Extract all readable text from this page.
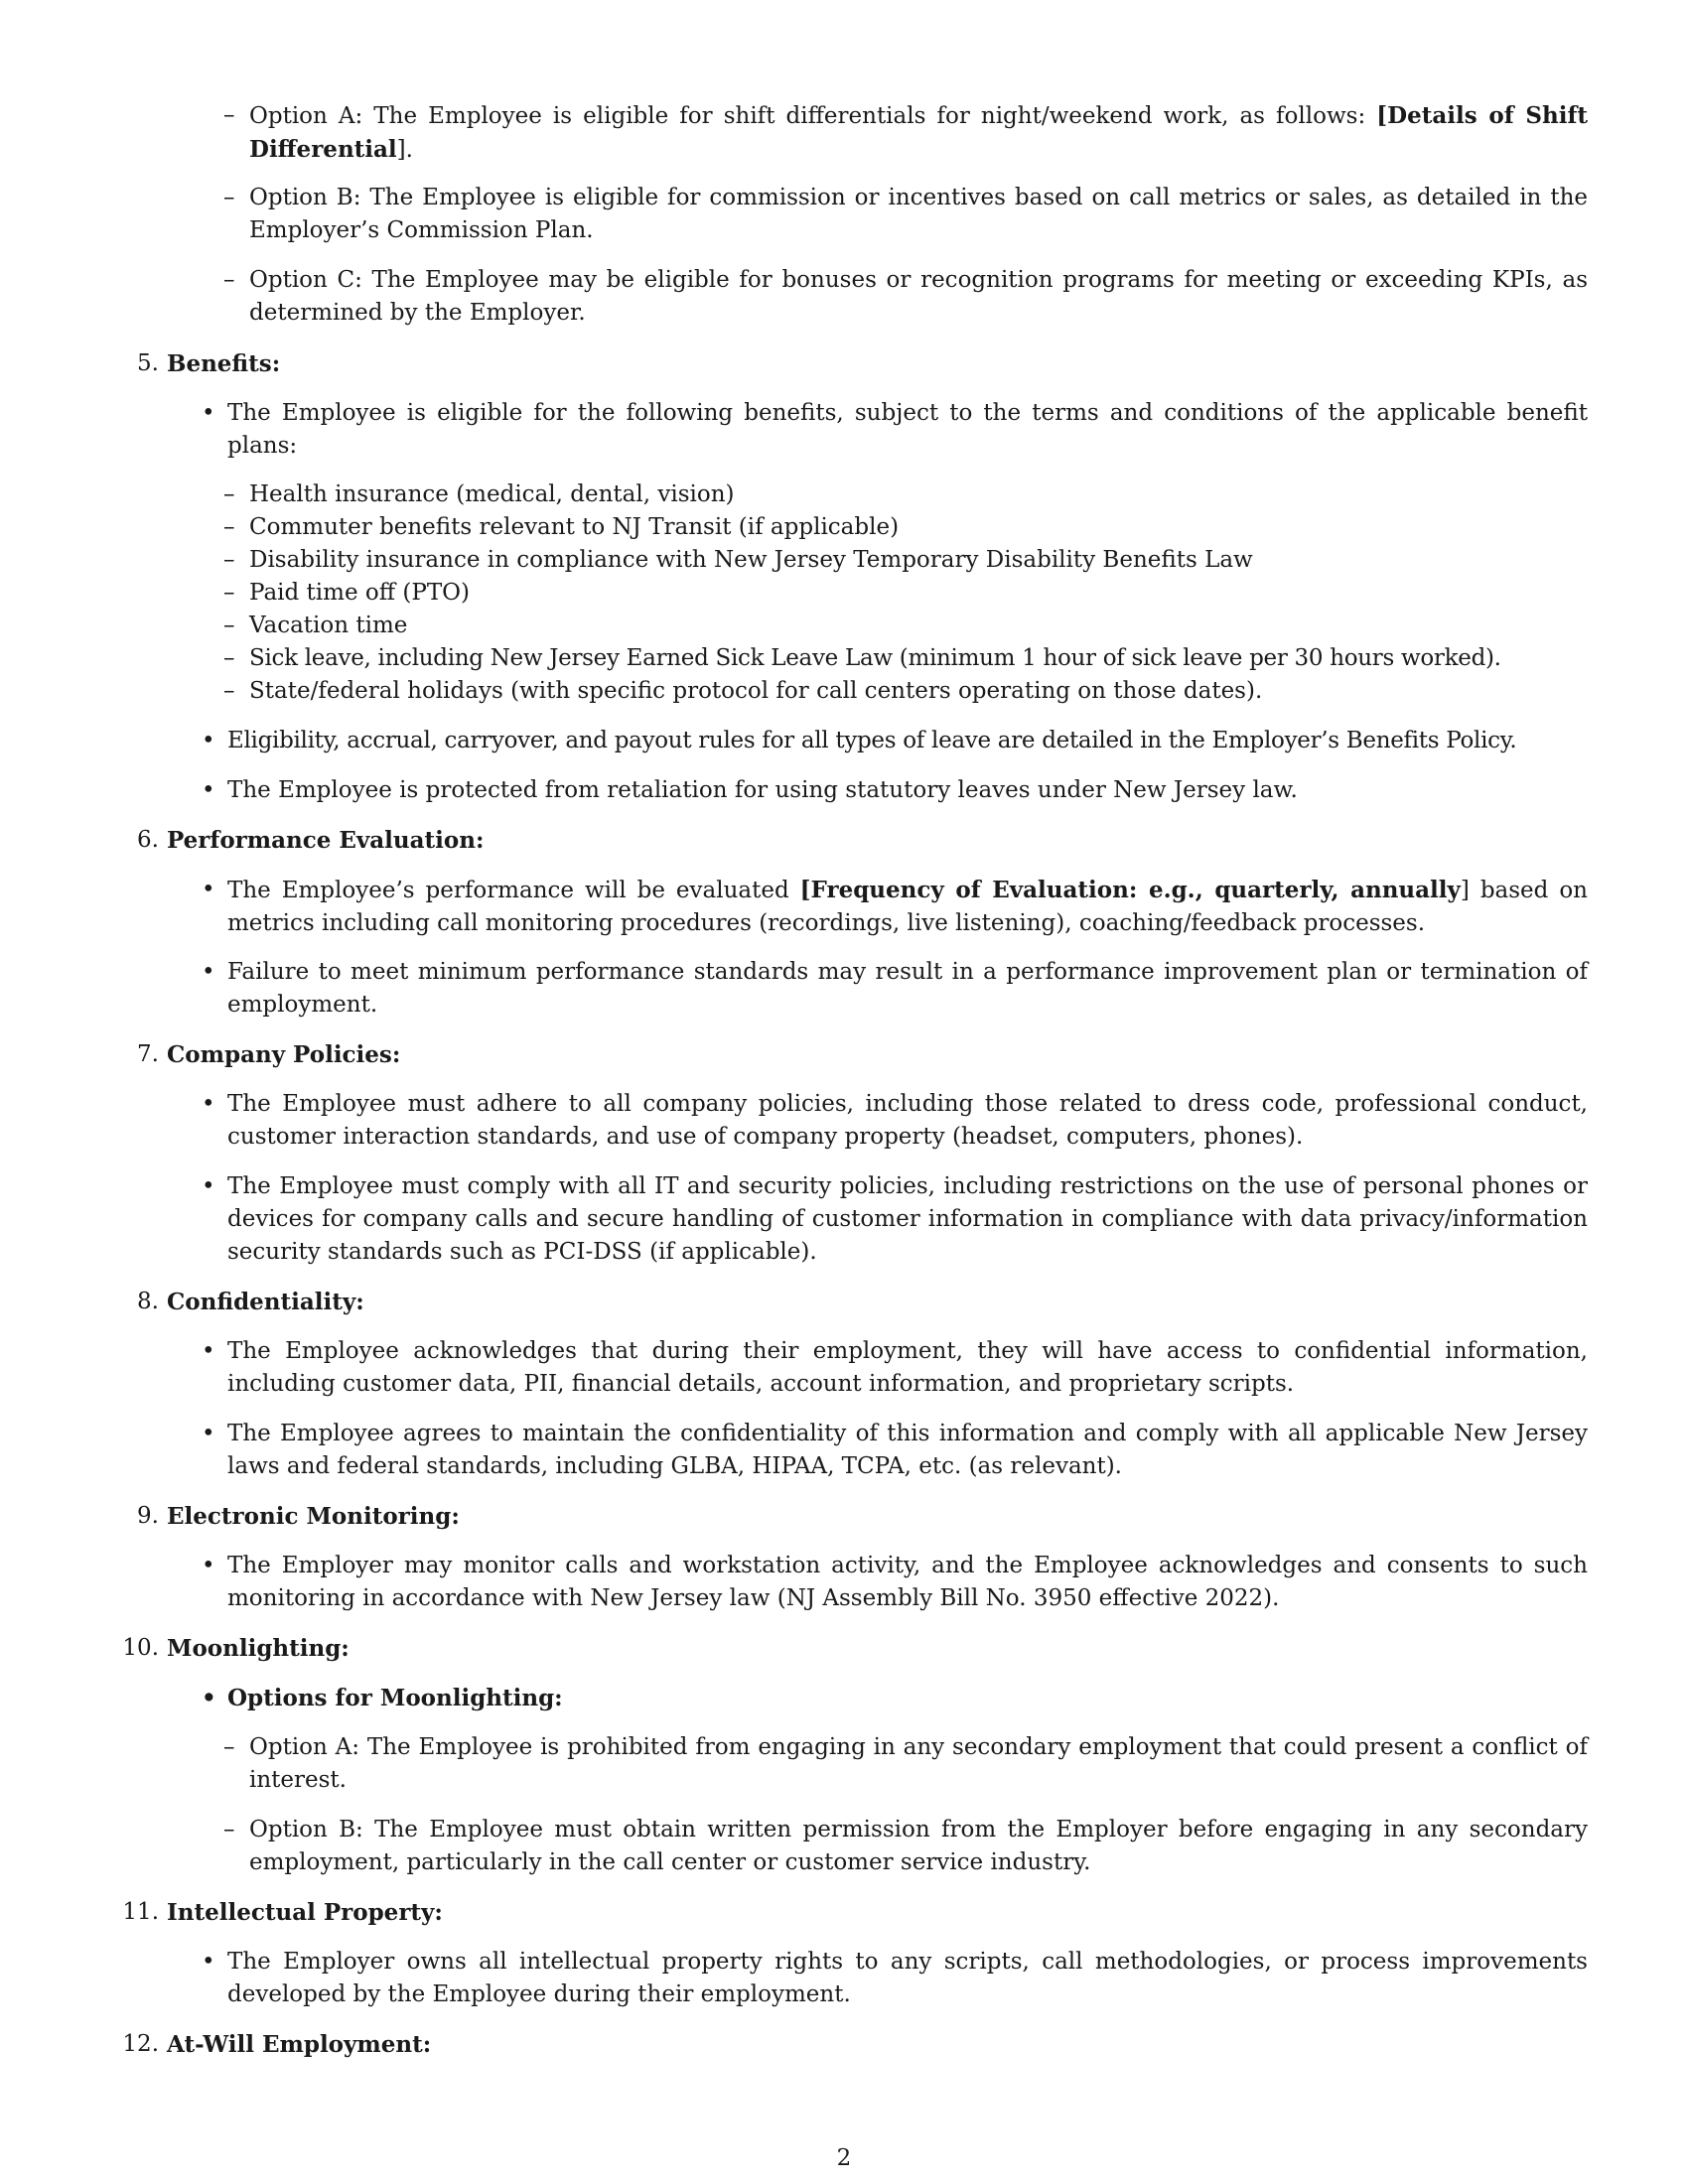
– Option A: The Employee is eligible for shift differentials for night/weekend work, as follows: [Details of Shift Differential].
– Option B: The Employee is eligible for commission or incentives based on call metrics or sales, as detailed in the Employer’s Commission Plan.
– Option C: The Employee may be eligible for bonuses or recognition programs for meeting or exceeding KPIs, as determined by the Employer.
5. Benefits:
• The Employee is eligible for the following benefits, subject to the terms and conditions of the applicable benefit plans:
– Health insurance (medical, dental, vision)
– Commuter benefits relevant to NJ Transit (if applicable)
– Disability insurance in compliance with New Jersey Temporary Disability Benefits Law
– Paid time off (PTO)
– Vacation time
– Sick leave, including New Jersey Earned Sick Leave Law (minimum 1 hour of sick leave per 30 hours worked).
– State/federal holidays (with specific protocol for call centers operating on those dates).
• Eligibility, accrual, carryover, and payout rules for all types of leave are detailed in the Employer’s Benefits Policy.
• The Employee is protected from retaliation for using statutory leaves under New Jersey law.
6. Performance Evaluation:
• The Employee’s performance will be evaluated [Frequency of Evaluation: e.g., quarterly, annually] based on metrics including call monitoring procedures (recordings, live listening), coaching/feedback processes.
• Failure to meet minimum performance standards may result in a performance improvement plan or termination of employment.
7. Company Policies:
• The Employee must adhere to all company policies, including those related to dress code, professional conduct, customer interaction standards, and use of company property (headset, computers, phones).
• The Employee must comply with all IT and security policies, including restrictions on the use of personal phones or devices for company calls and secure handling of customer information in compliance with data privacy/information security standards such as PCI-DSS (if applicable).
8. Confidentiality:
• The Employee acknowledges that during their employment, they will have access to confidential information, including customer data, PII, financial details, account information, and proprietary scripts.
• The Employee agrees to maintain the confidentiality of this information and comply with all applicable New Jersey laws and federal standards, including GLBA, HIPAA, TCPA, etc. (as relevant).
9. Electronic Monitoring:
• The Employer may monitor calls and workstation activity, and the Employee acknowledges and consents to such monitoring in accordance with New Jersey law (NJ Assembly Bill No. 3950 effective 2022).
10. Moonlighting:
• Options for Moonlighting:
– Option A: The Employee is prohibited from engaging in any secondary employment that could present a conflict of interest.
– Option B: The Employee must obtain written permission from the Employer before engaging in any secondary employment, particularly in the call center or customer service industry.
11. Intellectual Property:
• The Employer owns all intellectual property rights to any scripts, call methodologies, or process improvements developed by the Employee during their employment.
12. At-Will Employment:
2
